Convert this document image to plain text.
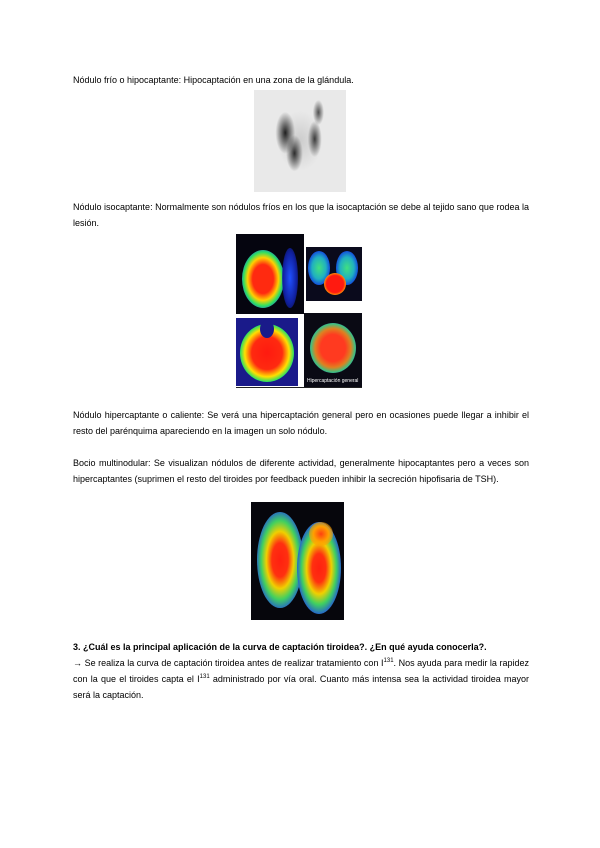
Nódulo frío o hipocaptante: Hipocaptación en una zona de la glándula.

Nódulo isocaptante: Normalmente son nódulos fríos en los que la isocaptación se debe al tejido sano que rodea la lesión.

Hipercaptación general

Nódulo hipercaptante o caliente: Se verá una hipercaptación general pero en ocasiones puede llegar a inhibir el resto del parénquima apareciendo en la imagen un solo nódulo.

Bocio multinodular: Se visualizan nódulos de diferente actividad, generalmente hipocaptantes pero a veces son hipercaptantes (suprimen el resto del tiroides por feedback pueden inhibir la secreción hipofisaria de TSH).

3. ¿Cuál es la principal aplicación de la curva de captación tiroidea?. ¿En qué ayuda conocerla?.

→ Se realiza la curva de captación tiroidea antes de realizar tratamiento con $I^{131}$. Nos ayuda para medir la rapidez con la que el tiroides capta el $I^{131}$ administrado por vía oral. Cuanto más intensa sea la actividad tiroidea mayor será la captación.
